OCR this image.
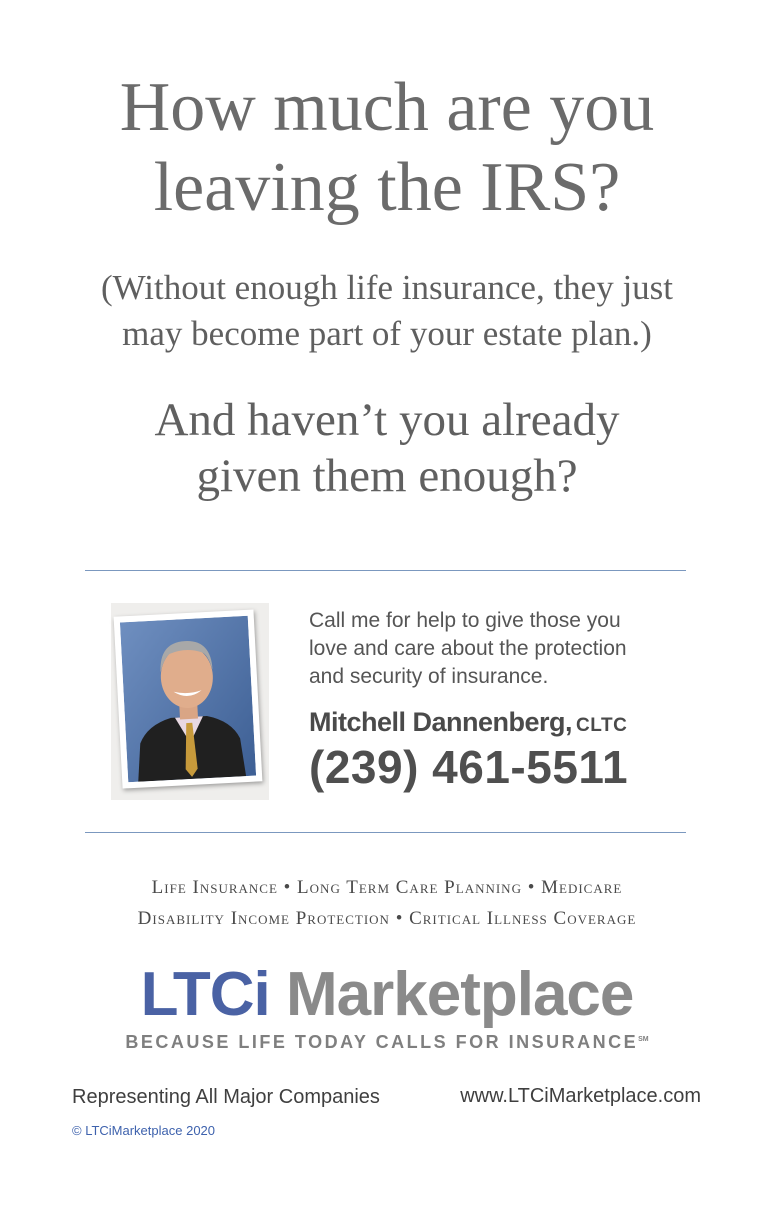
How much are you
leaving the IRS?
(Without enough life insurance, they just
may become part of your estate plan.)
And haven’t you already
given them enough?
Call me for help to give those you
love and care about the protection
and security of insurance.
Mitchell Dannenberg, CLTC
(239) 461-5511
Life Insurance • Long Term Care Planning • Medicare
Disability Income Protection • Critical Illness Coverage
LTCi Marketplace
BECAUSE LIFE TODAY CALLS FOR INSURANCE℠
Representing All Major Companies	www.LTCiMarketplace.com
© LTCiMarketplace 2020
